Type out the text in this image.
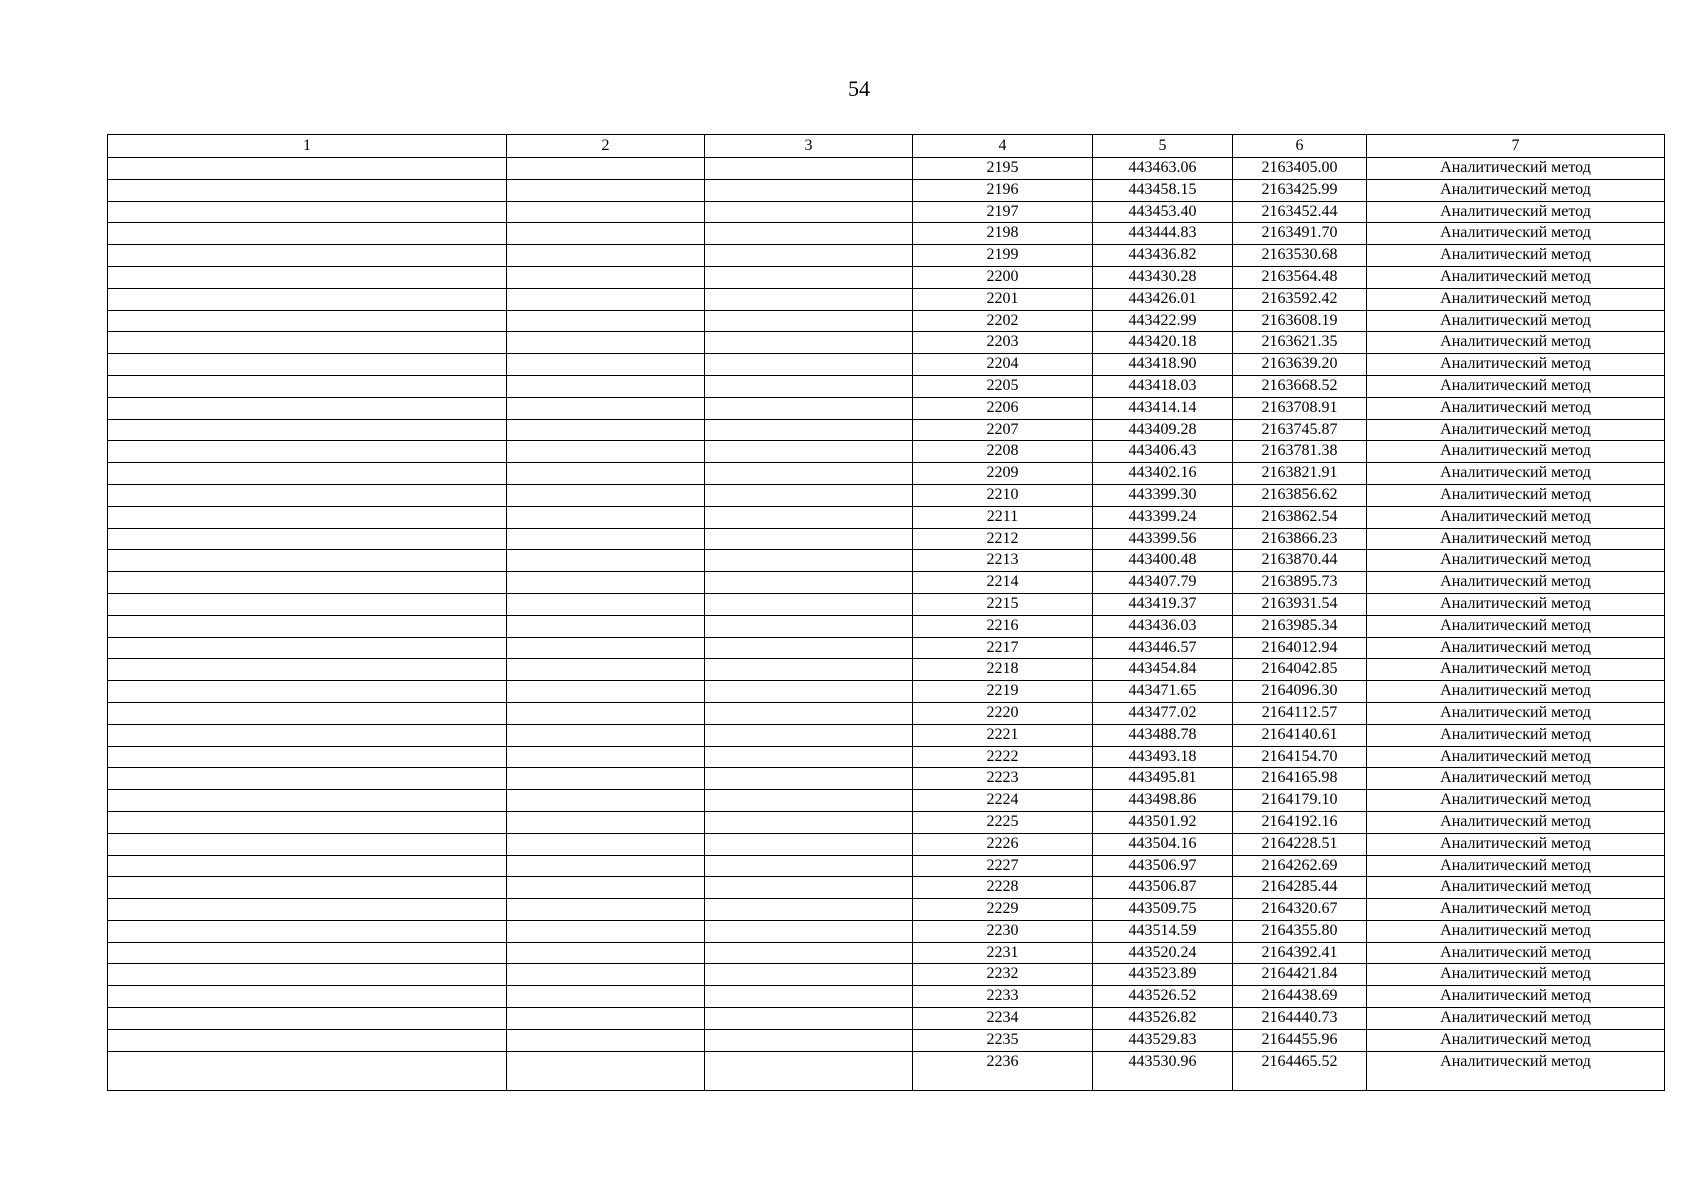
54
1	2	3	4	5	6	7
			2195	443463.06	2163405.00	Аналитический метод
			2196	443458.15	2163425.99	Аналитический метод
			2197	443453.40	2163452.44	Аналитический метод
			2198	443444.83	2163491.70	Аналитический метод
			2199	443436.82	2163530.68	Аналитический метод
			2200	443430.28	2163564.48	Аналитический метод
			2201	443426.01	2163592.42	Аналитический метод
			2202	443422.99	2163608.19	Аналитический метод
			2203	443420.18	2163621.35	Аналитический метод
			2204	443418.90	2163639.20	Аналитический метод
			2205	443418.03	2163668.52	Аналитический метод
			2206	443414.14	2163708.91	Аналитический метод
			2207	443409.28	2163745.87	Аналитический метод
			2208	443406.43	2163781.38	Аналитический метод
			2209	443402.16	2163821.91	Аналитический метод
			2210	443399.30	2163856.62	Аналитический метод
			2211	443399.24	2163862.54	Аналитический метод
			2212	443399.56	2163866.23	Аналитический метод
			2213	443400.48	2163870.44	Аналитический метод
			2214	443407.79	2163895.73	Аналитический метод
			2215	443419.37	2163931.54	Аналитический метод
			2216	443436.03	2163985.34	Аналитический метод
			2217	443446.57	2164012.94	Аналитический метод
			2218	443454.84	2164042.85	Аналитический метод
			2219	443471.65	2164096.30	Аналитический метод
			2220	443477.02	2164112.57	Аналитический метод
			2221	443488.78	2164140.61	Аналитический метод
			2222	443493.18	2164154.70	Аналитический метод
			2223	443495.81	2164165.98	Аналитический метод
			2224	443498.86	2164179.10	Аналитический метод
			2225	443501.92	2164192.16	Аналитический метод
			2226	443504.16	2164228.51	Аналитический метод
			2227	443506.97	2164262.69	Аналитический метод
			2228	443506.87	2164285.44	Аналитический метод
			2229	443509.75	2164320.67	Аналитический метод
			2230	443514.59	2164355.80	Аналитический метод
			2231	443520.24	2164392.41	Аналитический метод
			2232	443523.89	2164421.84	Аналитический метод
			2233	443526.52	2164438.69	Аналитический метод
			2234	443526.82	2164440.73	Аналитический метод
			2235	443529.83	2164455.96	Аналитический метод
			2236	443530.96	2164465.52	Аналитический метод
